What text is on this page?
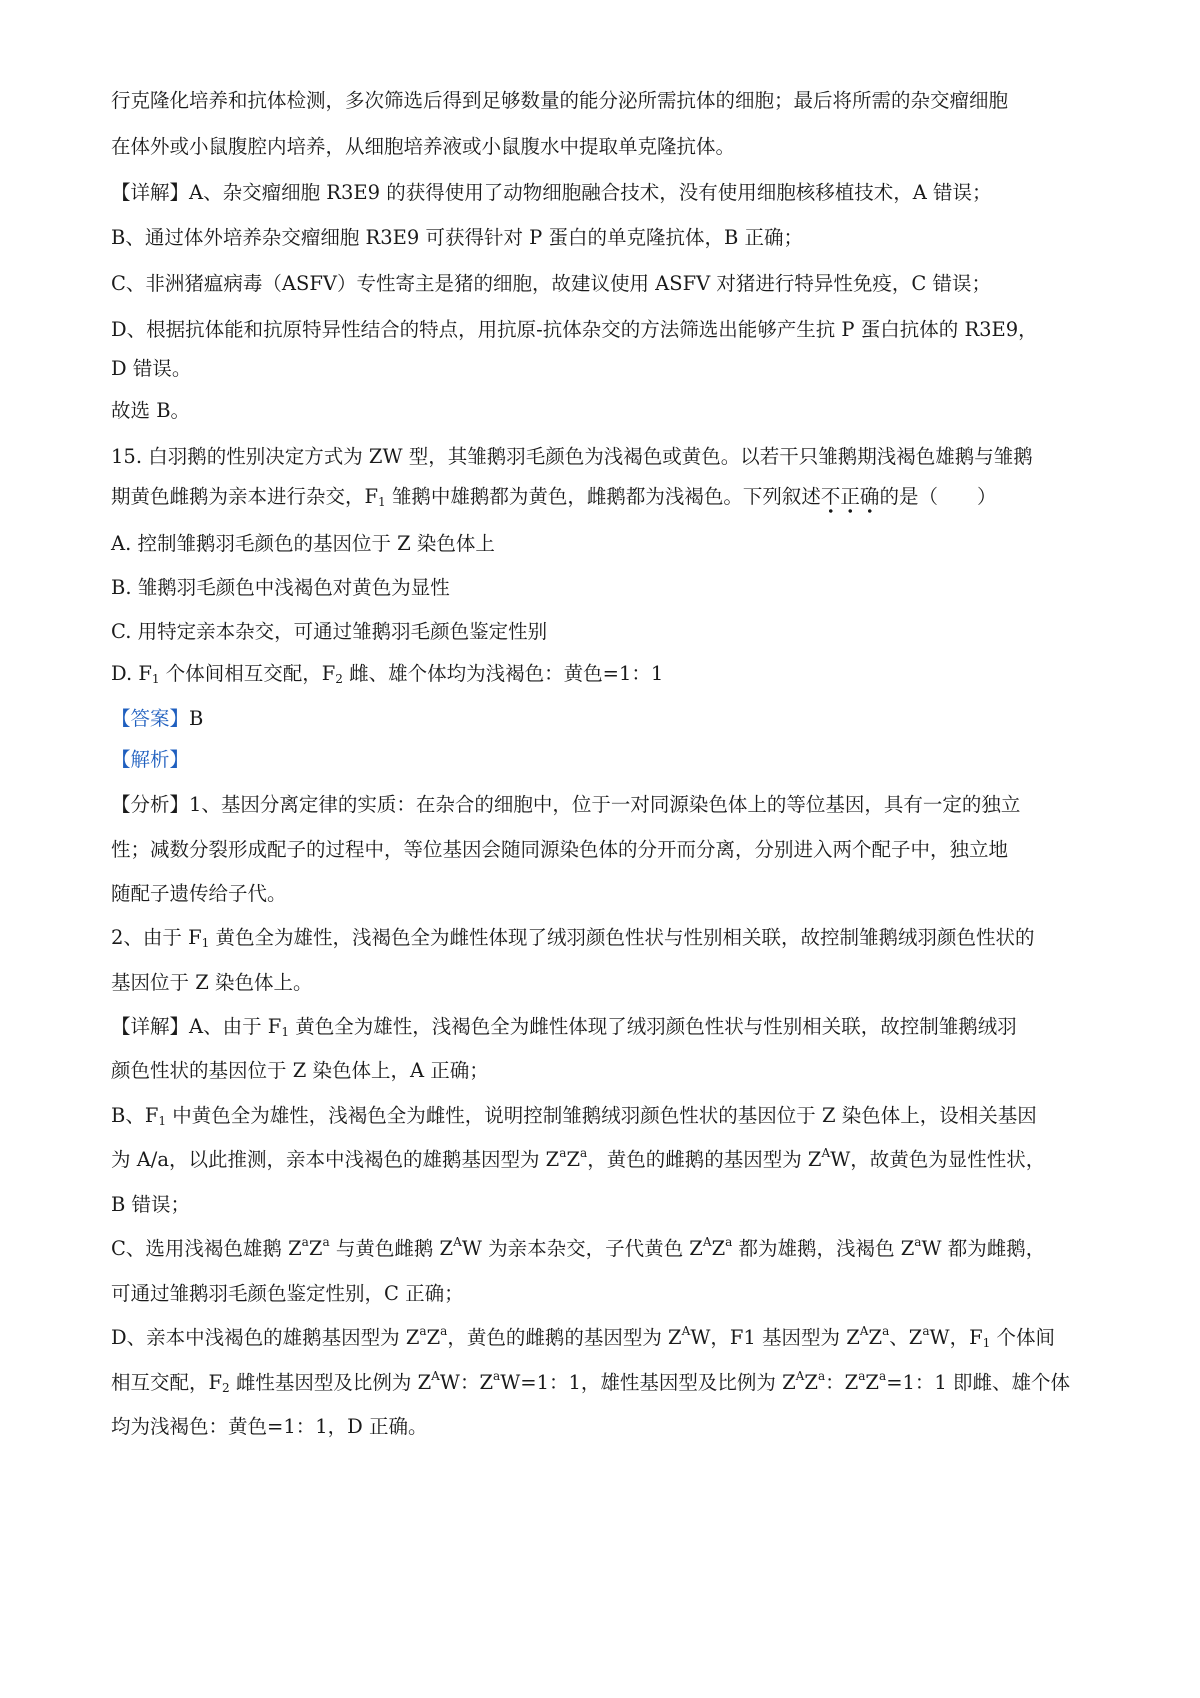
行克隆化培养和抗体检测，多次筛选后得到足够数量的能分泌所需抗体的细胞；最后将所需的杂交瘤细胞

在体外或小鼠腹腔内培养，从细胞培养液或小鼠腹水中提取单克隆抗体。

【详解】A、杂交瘤细胞 R3E9 的获得使用了动物细胞融合技术，没有使用细胞核移植技术，A 错误；

B、通过体外培养杂交瘤细胞 R3E9 可获得针对 P 蛋白的单克隆抗体，B 正确；

C、非洲猪瘟病毒（ASFV）专性寄主是猪的细胞，故建议使用 ASFV 对猪进行特异性免疫，C 错误；

D、根据抗体能和抗原特异性结合的特点，用抗原-抗体杂交的方法筛选出能够产生抗 P 蛋白抗体的 R3E9，

D 错误。

故选 B。

15. 白羽鹅的性别决定方式为 ZW 型，其雏鹅羽毛颜色为浅褐色或黄色。以若干只雏鹅期浅褐色雄鹅与雏鹅

期黄色雌鹅为亲本进行杂交，$F_1$ 雏鹅中雄鹅都为黄色，雌鹅都为浅褐色。下列叙述不正确的是（　　）

A. 控制雏鹅羽毛颜色的基因位于 Z 染色体上

B. 雏鹅羽毛颜色中浅褐色对黄色为显性

C. 用特定亲本杂交，可通过雏鹅羽毛颜色鉴定性别

D. $F_1$ 个体间相互交配，$F_2$ 雌、雄个体均为浅褐色：黄色=1：1

【答案】B

【解析】

【分析】1、基因分离定律的实质：在杂合的细胞中，位于一对同源染色体上的等位基因，具有一定的独立

性；减数分裂形成配子的过程中，等位基因会随同源染色体的分开而分离，分别进入两个配子中，独立地

随配子遗传给子代。

2、由于 $F_1$ 黄色全为雄性，浅褐色全为雌性体现了绒羽颜色性状与性别相关联，故控制雏鹅绒羽颜色性状的

基因位于 Z 染色体上。

【详解】A、由于 $F_1$ 黄色全为雄性，浅褐色全为雌性体现了绒羽颜色性状与性别相关联，故控制雏鹅绒羽

颜色性状的基因位于 Z 染色体上，A 正确；

B、$F_1$ 中黄色全为雄性，浅褐色全为雌性，说明控制雏鹅绒羽颜色性状的基因位于 Z 染色体上，设相关基因

为 A/a，以此推测，亲本中浅褐色的雄鹅基因型为 $Z^aZ^a$，黄色的雌鹅的基因型为 $Z^AW$，故黄色为显性性状，

B 错误；

C、选用浅褐色雄鹅 $Z^aZ^a$ 与黄色雌鹅 $Z^AW$ 为亲本杂交，子代黄色 $Z^AZ^a$ 都为雄鹅，浅褐色 $Z^aW$ 都为雌鹅，

可通过雏鹅羽毛颜色鉴定性别，C 正确；

D、亲本中浅褐色的雄鹅基因型为 $Z^aZ^a$，黄色的雌鹅的基因型为 $Z^AW$，F1 基因型为 $Z^AZ^a$、$Z^aW$，$F_1$ 个体间

相互交配，$F_2$ 雌性基因型及比例为 $Z^AW$：$Z^aW=1$：1，雄性基因型及比例为 $Z^AZ^a$：$Z^aZ^a=1$：1 即雌、雄个体

均为浅褐色：黄色=1：1，D 正确。
